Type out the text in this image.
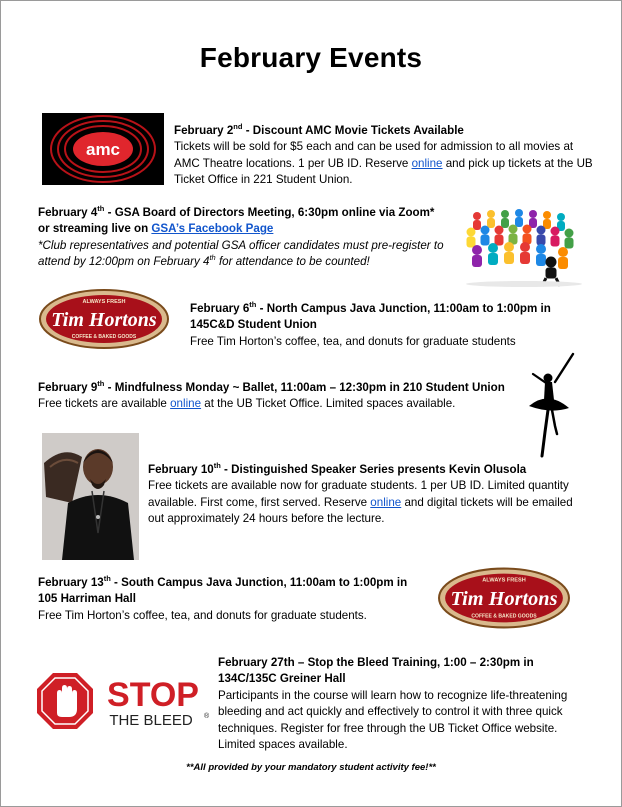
February Events
amc

February 2nd - Discount AMC Movie Tickets Available

Tickets will be sold for $5 each and can be used for admission to all movies at AMC Theatre locations. 1 per UB ID. Reserve online and pick up tickets at the UB Ticket Office in 221 Student Union.

February 4th - GSA Board of Directors Meeting, 6:30pm online via Zoom*

or streaming live on GSA’s Facebook Page

*Club representatives and potential GSA officer candidates must pre-register to attend by 12:00pm on February 4th for attendance to be counted!

ALWAYS FRESH
Tim Hortons
COFFEE & BAKED GOODS

February 6th - North Campus Java Junction, 11:00am to 1:00pm in 145C&D Student Union

Free Tim Horton’s coffee, tea, and donuts for graduate students

February 9th - Mindfulness Monday ~ Ballet, 11:00am – 12:30pm in 210 Student Union

Free tickets are available online at the UB Ticket Office. Limited spaces available.

February 10th - Distinguished Speaker Series presents Kevin Olusola

Free tickets are available now for graduate students. 1 per UB ID. Limited quantity available. First come, first served. Reserve online and digital tickets will be emailed out approximately 24 hours before the lecture.

February 13th - South Campus Java Junction, 11:00am to 1:00pm in 105 Harriman Hall

Free Tim Horton’s coffee, tea, and donuts for graduate students.

ALWAYS FRESH
Tim Hortons
COFFEE & BAKED GOODS
STOP
THE BLEED ®

February 27th – Stop the Bleed Training, 1:00 – 2:30pm in 134C/135C Greiner Hall

Participants in the course will learn how to recognize life-threatening bleeding and act quickly and effectively to control it with three quick techniques. Register for free through the UB Ticket Office website. Limited spaces available.

**All provided by your mandatory student activity fee!**
